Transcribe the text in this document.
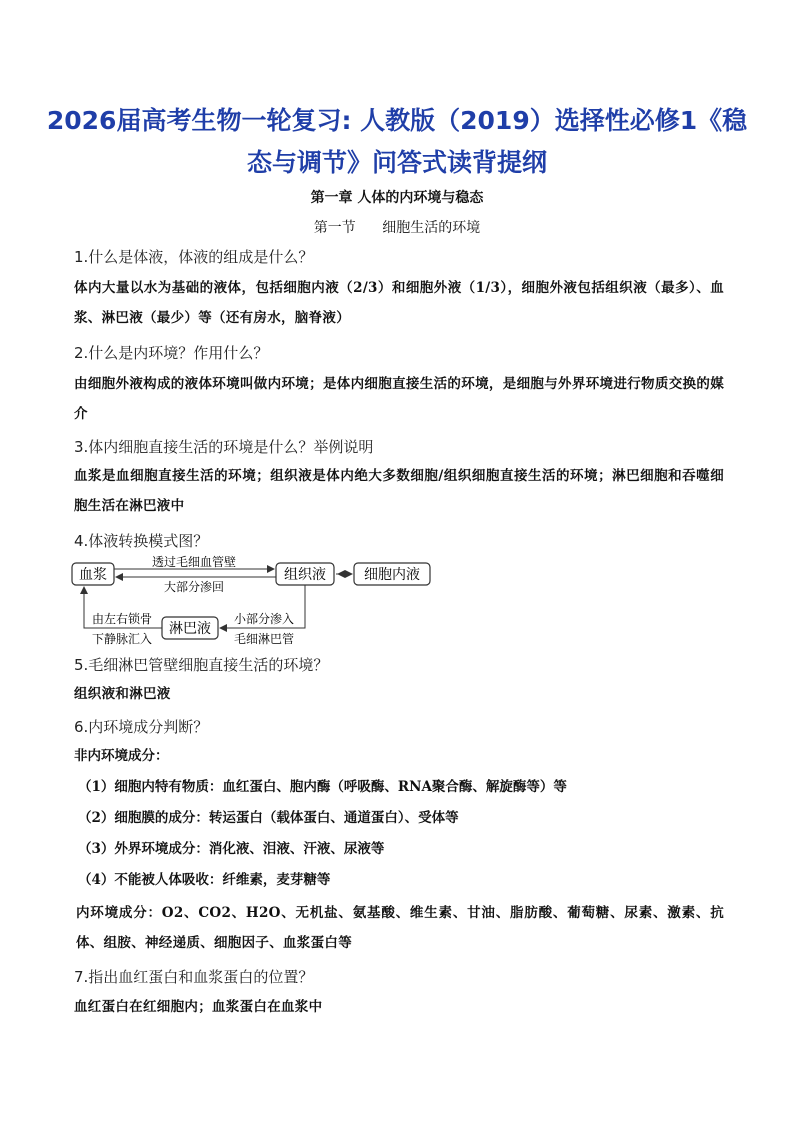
2026届高考生物一轮复习: 人教版（2019）选择性必修1《稳态与调节》问答式读背提纲
第一章 人体的内环境与稳态
第一节 细胞生活的环境
1.什么是体液，体液的组成是什么？
体内大量以水为基础的液体，包括细胞内液（2/3）和细胞外液（1/3），细胞外液包括组织液（最多）、血浆、淋巴液（最少）等（还有房水，脑脊液）
2.什么是内环境？作用什么？
由细胞外液构成的液体环境叫做内环境；是体内细胞直接生活的环境，是细胞与外界环境进行物质交换的媒介
3.体内细胞直接生活的环境是什么？举例说明
血浆是血细胞直接生活的环境；组织液是体内绝大多数细胞/组织细胞直接生活的环境；淋巴细胞和吞噬细胞生活在淋巴液中
4.体液转换模式图？
血浆	组织液	细胞内液
淋巴液
透过毛细血管壁
大部分渗回
小部分渗入
毛细淋巴管
由左右锁骨
下静脉汇入
5.毛细淋巴管壁细胞直接生活的环境？
组织液和淋巴液
6.内环境成分判断？
非内环境成分：
（1）细胞内特有物质：血红蛋白、胞内酶（呼吸酶、RNA聚合酶、解旋酶等）等
（2）细胞膜的成分：转运蛋白（载体蛋白、通道蛋白）、受体等
（3）外界环境成分：消化液、泪液、汗液、尿液等
（4）不能被人体吸收：纤维素，麦芽糖等
内环境成分：O2、CO2、H2O、无机盐、氨基酸、维生素、甘油、脂肪酸、葡萄糖、尿素、激素、抗体、组胺、神经递质、细胞因子、血浆蛋白等
7.指出血红蛋白和血浆蛋白的位置？
血红蛋白在红细胞内；血浆蛋白在血浆中
